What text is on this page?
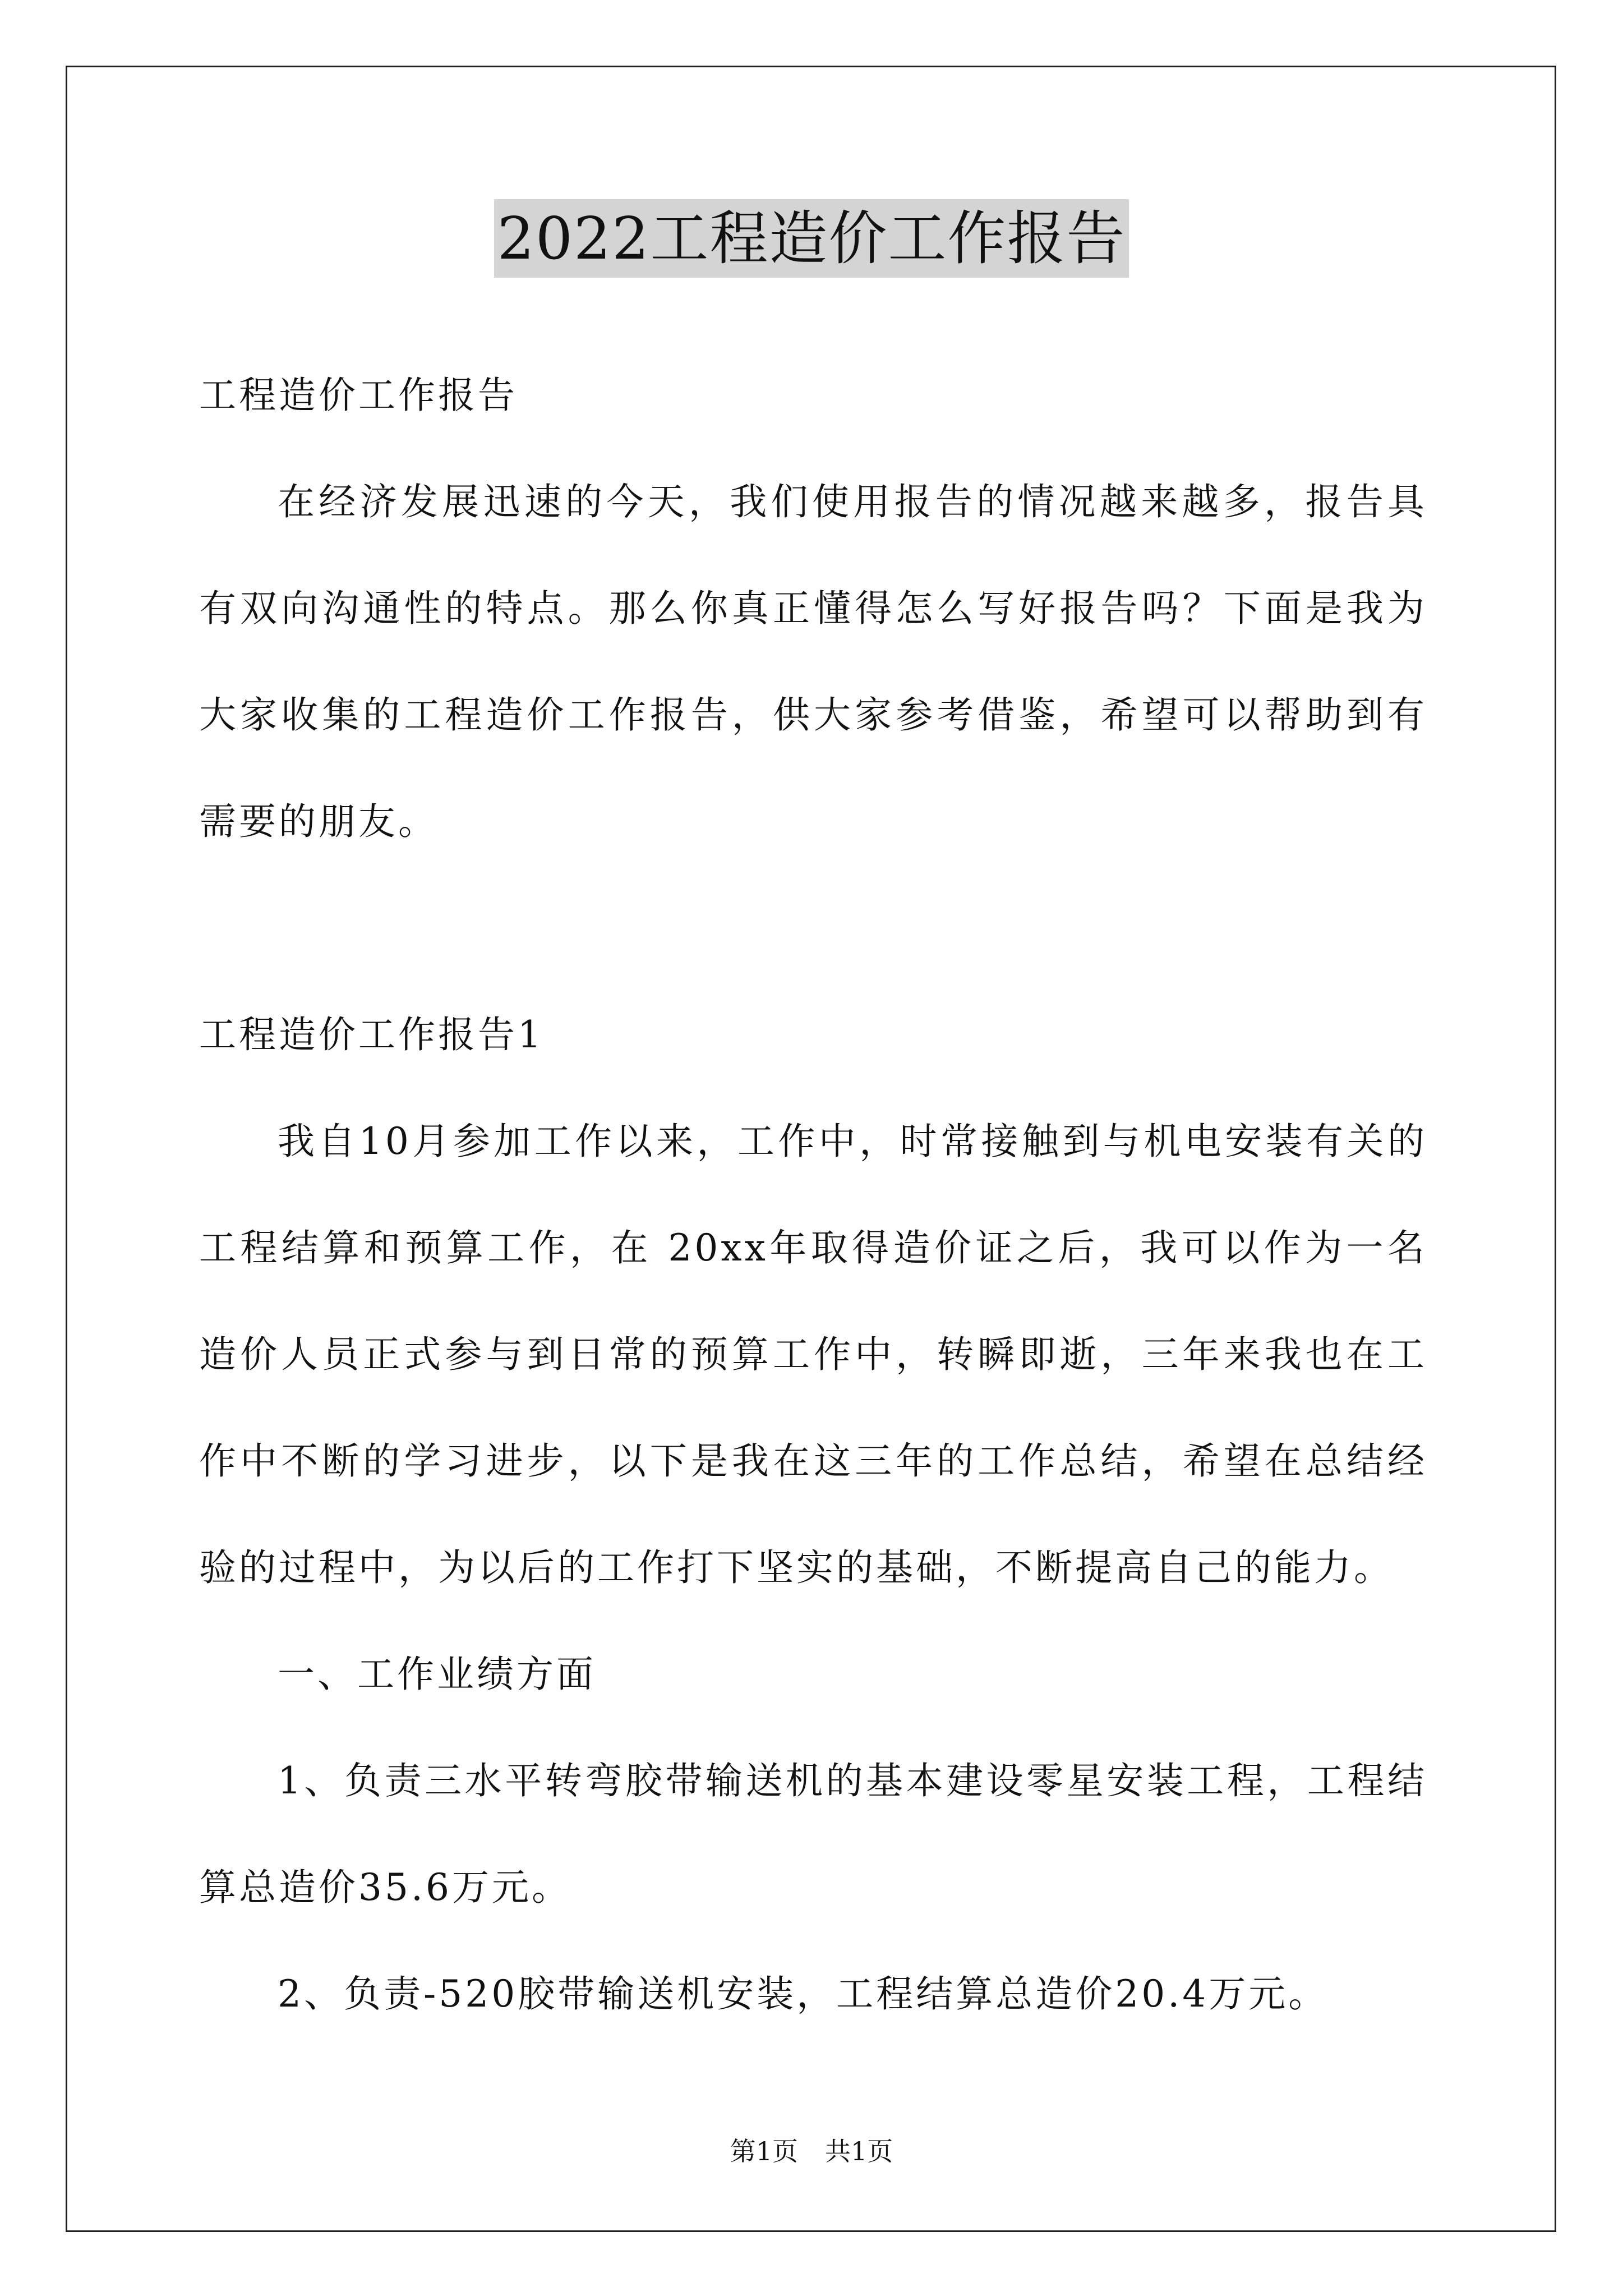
2022工程造价工作报告

工程造价工作报告

在经济发展迅速的今天，我们使用报告的情况越来越多，报告具有双向沟通性的特点。那么你真正懂得怎么写好报告吗？下面是我为大家收集的工程造价工作报告，供大家参考借鉴，希望可以帮助到有需要的朋友。

工程造价工作报告1

我自10月参加工作以来，工作中，时常接触到与机电安装有关的工程结算和预算工作，在 20xx年取得造价证之后，我可以作为一名造价人员正式参与到日常的预算工作中，转瞬即逝，三年来我也在工作中不断的学习进步，以下是我在这三年的工作总结，希望在总结经验的过程中，为以后的工作打下坚实的基础，不断提高自己的能力。

一、工作业绩方面

1、负责三水平转弯胶带输送机的基本建设零星安装工程，工程结算总造价35.6万元。

2、负责-520胶带输送机安装，工程结算总造价20.4万元。

第1页 共1页
